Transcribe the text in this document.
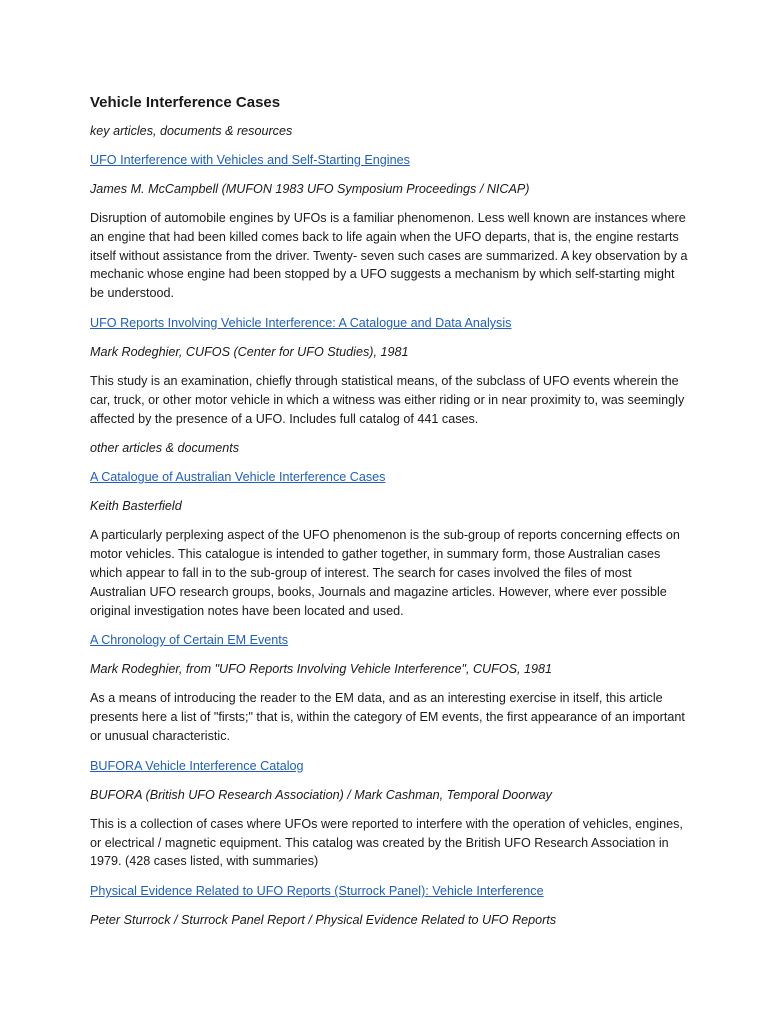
Vehicle Interference Cases
key articles, documents & resources
UFO Interference with Vehicles and Self-Starting Engines
James M. McCampbell (MUFON 1983 UFO Symposium Proceedings / NICAP)
Disruption of automobile engines by UFOs is a familiar phenomenon. Less well known are instances where an engine that had been killed comes back to life again when the UFO departs, that is, the engine restarts itself without assistance from the driver. Twenty- seven such cases are summarized. A key observation by a mechanic whose engine had been stopped by a UFO suggests a mechanism by which self-starting might be understood.
UFO Reports Involving Vehicle Interference: A Catalogue and Data Analysis
Mark Rodeghier, CUFOS (Center for UFO Studies), 1981
This study is an examination, chiefly through statistical means, of the subclass of UFO events wherein the car, truck, or other motor vehicle in which a witness was either riding or in near proximity to, was seemingly affected by the presence of a UFO. Includes full catalog of 441 cases.
other articles & documents
A Catalogue of Australian Vehicle Interference Cases
Keith Basterfield
A particularly perplexing aspect of the UFO phenomenon is the sub-group of reports concerning effects on motor vehicles. This catalogue is intended to gather together, in summary form, those Australian cases which appear to fall in to the sub-group of interest. The search for cases involved the files of most Australian UFO research groups, books, Journals and magazine articles. However, where ever possible original investigation notes have been located and used.
A Chronology of Certain EM Events
Mark Rodeghier, from "UFO Reports Involving Vehicle Interference", CUFOS, 1981
As a means of introducing the reader to the EM data, and as an interesting exercise in itself, this article presents here a list of "firsts;" that is, within the category of EM events, the first appearance of an important or unusual characteristic.
BUFORA Vehicle Interference Catalog
BUFORA (British UFO Research Association) / Mark Cashman, Temporal Doorway
This is a collection of cases where UFOs were reported to interfere with the operation of vehicles, engines, or electrical / magnetic equipment. This catalog was created by the British UFO Research Association in 1979. (428 cases listed, with summaries)
Physical Evidence Related to UFO Reports (Sturrock Panel): Vehicle Interference
Peter Sturrock / Sturrock Panel Report / Physical Evidence Related to UFO Reports
